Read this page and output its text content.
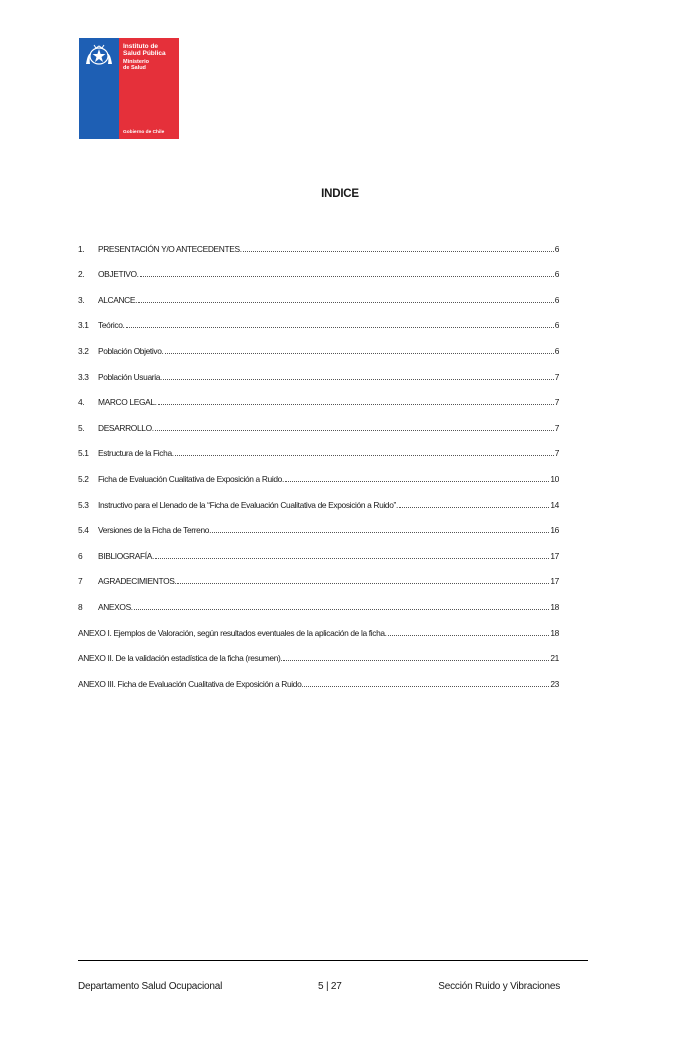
Instituto de
Salud Pública
Ministerio
de Salud
Gobierno de Chile
INDICE
1.	PRESENTACIÓN Y/O ANTECEDENTES.	6
2.	OBJETIVO.	6
3.	ALCANCE.	6
3.1	Teórico.	6
3.2	Población Objetivo.	6
3.3	Población Usuaria.	7
4.	MARCO LEGAL.	7
5.	DESARROLLO.	7
5.1	Estructura de la Ficha.	7
5.2	Ficha de Evaluación Cualitativa de Exposición a Ruido.	10
5.3	Instructivo para el Llenado de la “Ficha de Evaluación Cualitativa de Exposición a Ruido”.	14
5.4	Versiones de la Ficha de Terreno.	16
6	BIBLIOGRAFÍA.	17
7	AGRADECIMIENTOS.	17
8	ANEXOS.	18
ANEXO I. Ejemplos de Valoración, según resultados eventuales de la aplicación de la ficha.	18
ANEXO II. De la validación estadística de la ficha (resumen).	21
ANEXO III. Ficha de Evaluación Cualitativa de Exposición a Ruido.	23
Departamento Salud Ocupacional	5 | 27	Sección Ruido y Vibraciones
